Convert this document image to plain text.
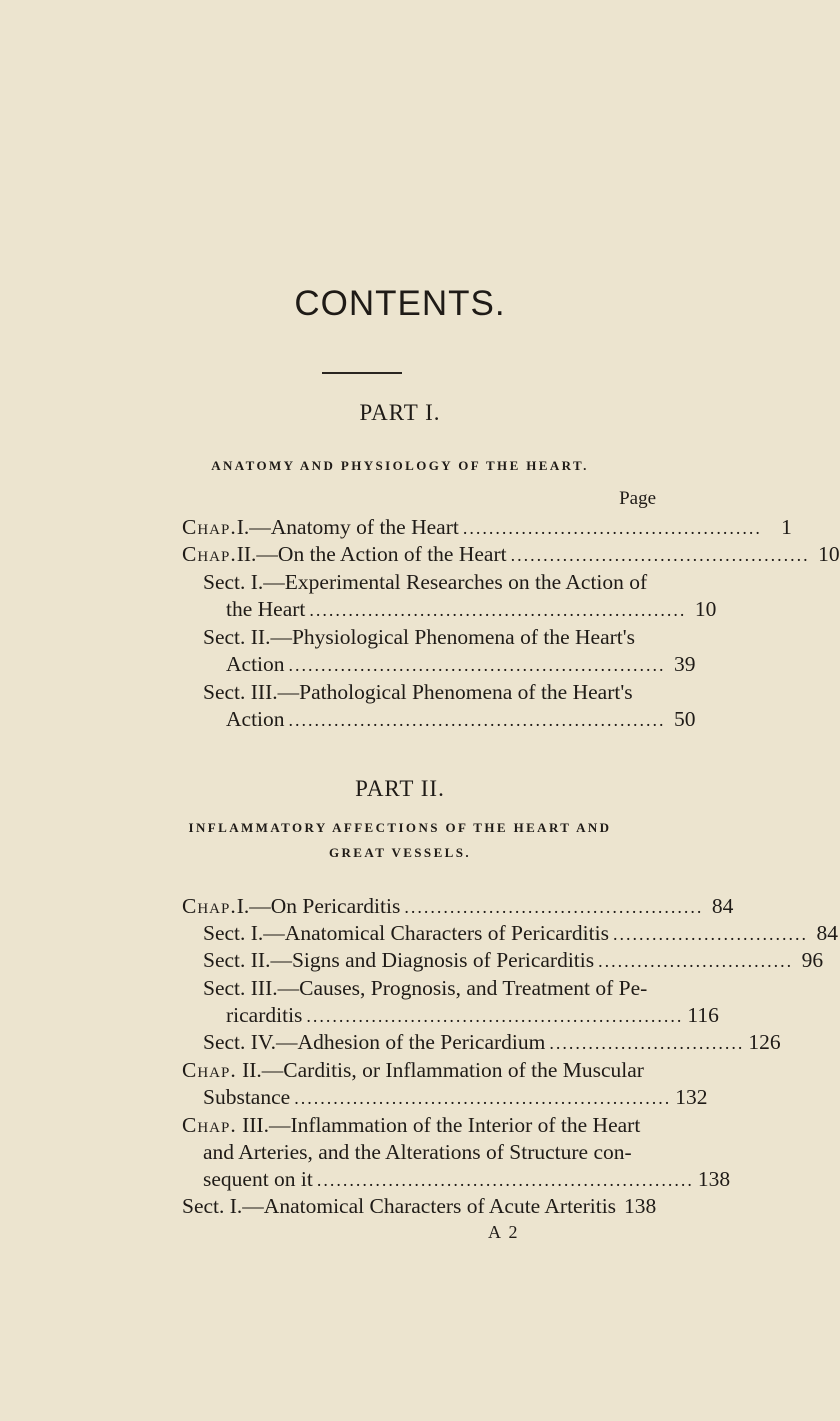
CONTENTS.
PART I.
ANATOMY AND PHYSIOLOGY OF THE HEART.
Page
Chap. I.—Anatomy of the Heart .............................................. 1
Chap. II.—On the Action of the Heart .............................................. 10
Sect. I.—Experimental Researches on the Action of
the Heart .......................................................... 10
Sect. II.—Physiological Phenomena of the Heart's
Action .......................................................... 39
Sect. III.—Pathological Phenomena of the Heart's
Action .......................................................... 50
PART II.
INFLAMMATORY AFFECTIONS OF THE HEART AND
GREAT VESSELS.
Chap. I.—On Pericarditis .............................................. 84
Sect. I.—Anatomical Characters of Pericarditis .............................. 84
Sect. II.—Signs and Diagnosis of Pericarditis .............................. 96
Sect. III.—Causes, Prognosis, and Treatment of Pe-
ricarditis .......................................................... 116
Sect. IV.—Adhesion of the Pericardium .............................. 126
Chap. II.—Carditis, or Inflammation of the Muscular
Substance .......................................................... 132
Chap. III.—Inflammation of the Interior of the Heart
and Arteries, and the Alterations of Structure con-
sequent on it .......................................................... 138
Sect. I.—Anatomical Characters of Acute Arteritis 138
A 2
